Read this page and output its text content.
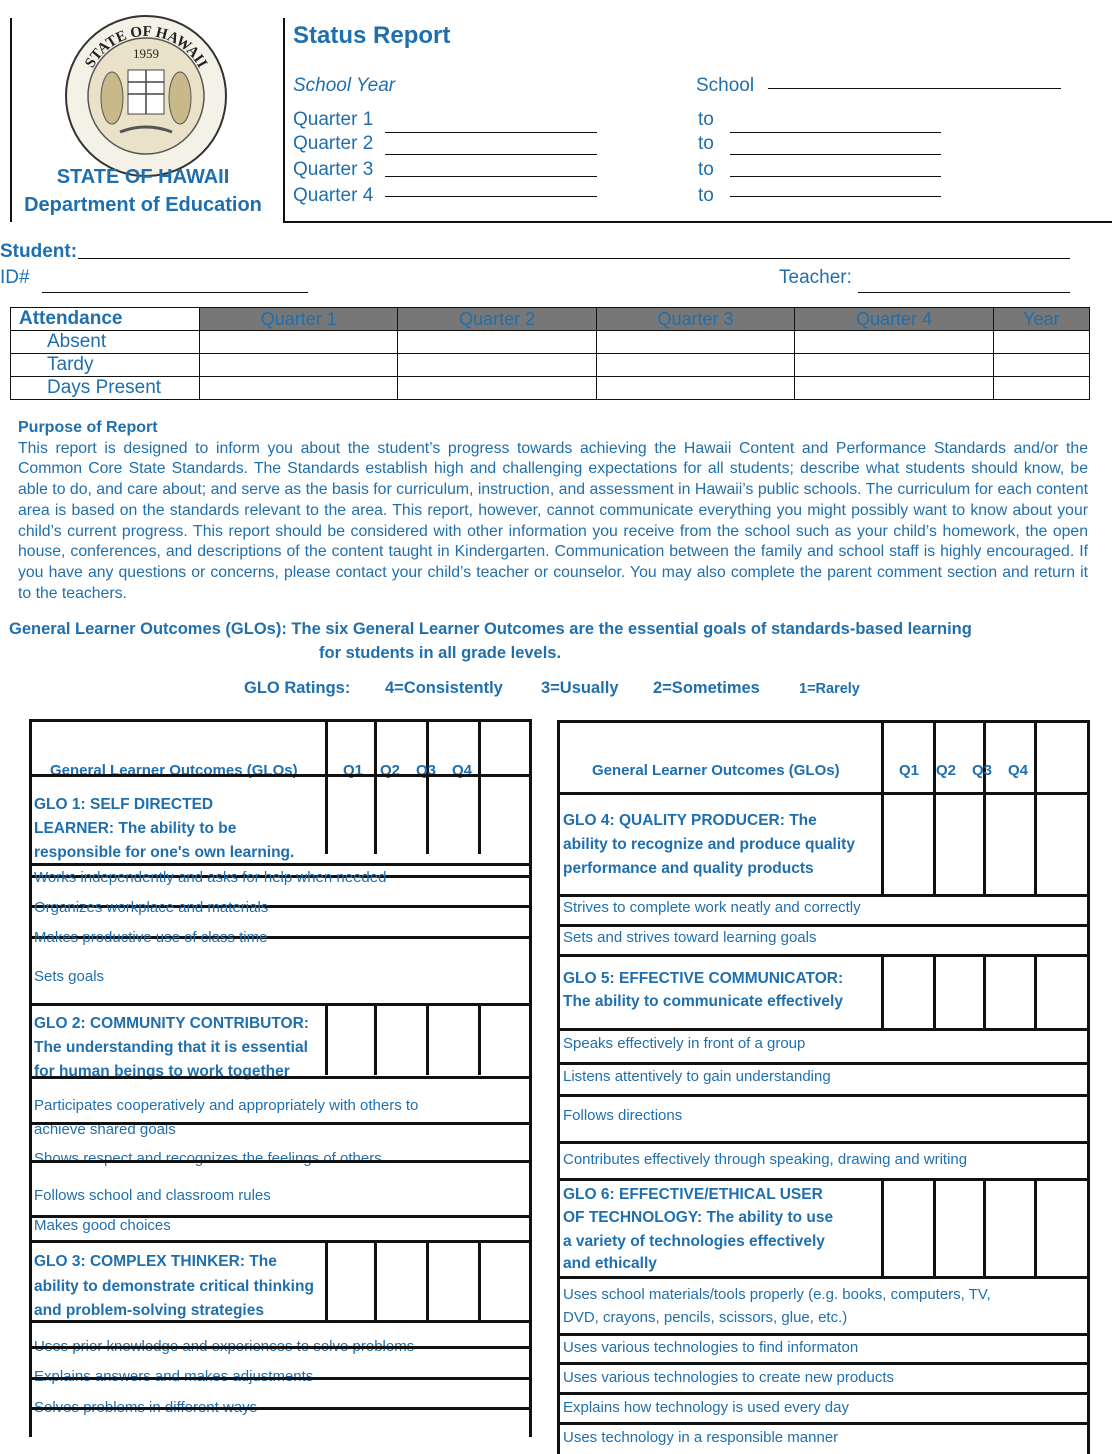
STATE OF HAWAII
1959
STATE OF HAWAII
Department of Education
Status Report
School Year	School
Quarter 1	to
Quarter 2	to
Quarter 3	to
Quarter 4	to
Student:
ID#	Teacher:
Attendance	Quarter 1	Quarter 2	Quarter 3	Quarter 4	Year
Absent					
Tardy					
Days Present					
Purpose of Report
This report is designed to inform you about the student’s progress towards achieving the Hawaii Content and Performance Standards and/or the Common Core State Standards. The Standards establish high and challenging expectations for all students; describe what students should know, be able to do, and care about; and serve as the basis for curriculum, instruction, and assessment in Hawaii’s public schools. The curriculum for each content area is based on the standards relevant to the area. This report, however, cannot communicate everything you might possibly want to know about your child’s current progress. This report should be considered with other information you receive from the school such as your child’s homework, the open house, conferences, and descriptions of the content taught in Kindergarten. Communication between the family and school staff is highly encouraged. If you have any questions or concerns, please contact your child’s teacher or counselor. You may also complete the parent comment section and return it to the teachers.
General Learner Outcomes (GLOs): The six General Learner Outcomes are the essential goals of standards-based learning
for students in all grade levels.
GLO Ratings: 4=Consistently 3=Usually 2=Sometimes	1=Rarely
General Learner Outcomes (GLOs)	Q1 Q2 Q3 Q4
GLO 1: SELF DIRECTED
LEARNER: The ability to be
responsible for one's own learning.
Works independently and asks for help when needed
Organizes workplace and materials
Makes productive use of class time
Sets goals
GLO 2: COMMUNITY CONTRIBUTOR:
The understanding that it is essential
for human beings to work together
Participates cooperatively and appropriately with others to
achieve shared goals
Shows respect and recognizes the feelings of others
Follows school and classroom rules
Makes good choices
GLO 3: COMPLEX THINKER: The
ability to demonstrate critical thinking
and problem-solving strategies
Uses prior knowledge and experiences to solve problems
Explains answers and makes adjustments
Solves problems in different ways
General Learner Outcomes (GLOs)	Q1 Q2 Q3 Q4
GLO 4: QUALITY PRODUCER: The
ability to recognize and produce quality
performance and quality products
Strives to complete work neatly and correctly
Sets and strives toward learning goals
GLO 5: EFFECTIVE COMMUNICATOR:
The ability to communicate effectively
Speaks effectively in front of a group
Listens attentively to gain understanding
Follows directions
Contributes effectively through speaking, drawing and writing
GLO 6: EFFECTIVE/ETHICAL USER
OF TECHNOLOGY: The ability to use
a variety of technologies effectively
and ethically
Uses school materials/tools properly (e.g. books, computers, TV,
DVD, crayons, pencils, scissors, glue, etc.)
Uses various technologies to find informaton
Uses various technologies to create new products
Explains how technology is used every day
Uses technology in a responsible manner
